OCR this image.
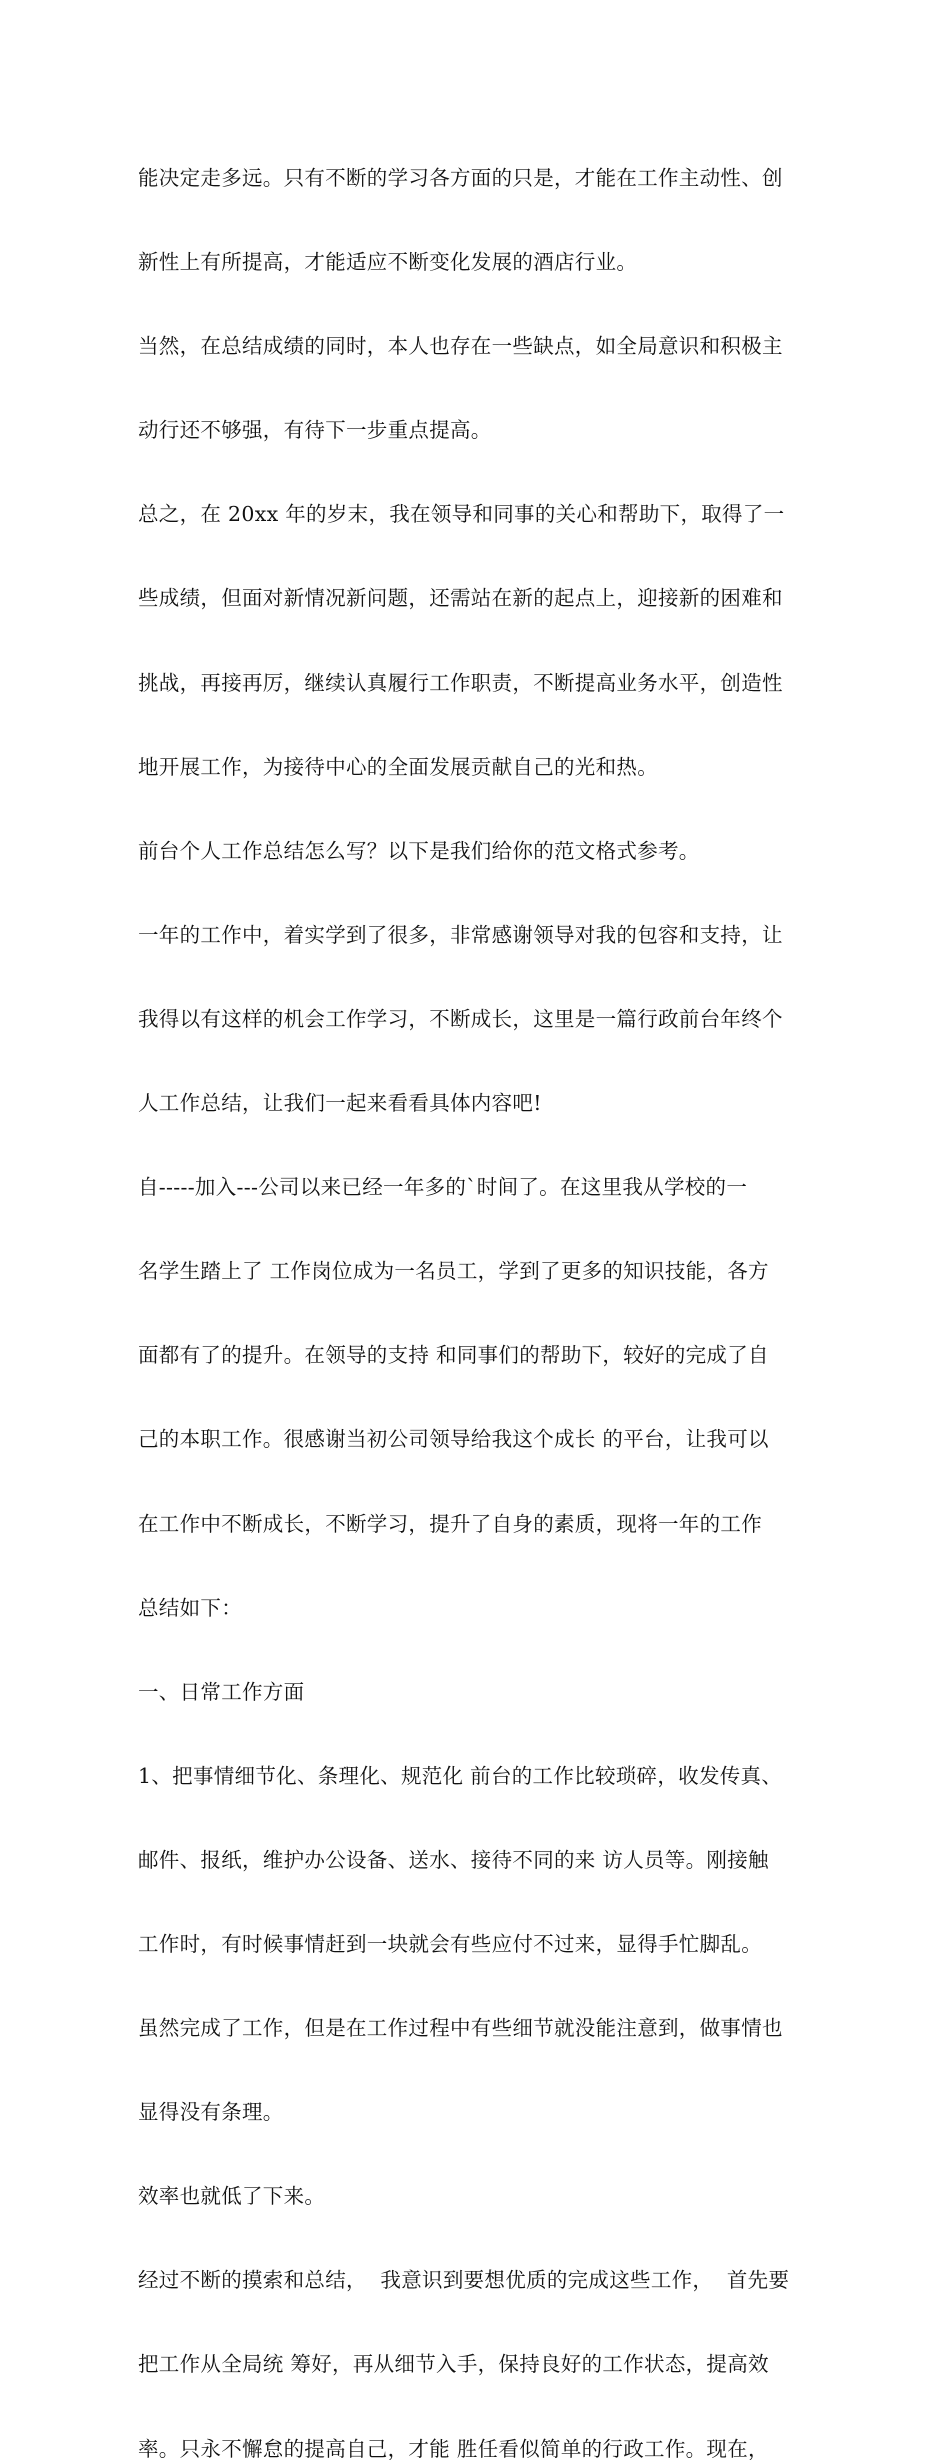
能决定走多远。只有不断的学习各方面的只是，才能在工作主动性、创

新性上有所提高，才能适应不断变化发展的酒店行业。

当然，在总结成绩的同时，本人也存在一些缺点，如全局意识和积极主

动行还不够强，有待下一步重点提高。

总之，在 20xx 年的岁末，我在领导和同事的关心和帮助下，取得了一

些成绩，但面对新情况新问题，还需站在新的起点上，迎接新的困难和

挑战，再接再厉，继续认真履行工作职责，不断提高业务水平，创造性

地开展工作，为接待中心的全面发展贡献自己的光和热。

前台个人工作总结怎么写？以下是我们给你的范文格式参考。

一年的工作中，着实学到了很多，非常感谢领导对我的包容和支持，让

我得以有这样的机会工作学习，不断成长，这里是一篇行政前台年终个

人工作总结，让我们一起来看看具体内容吧!

自-----加入---公司以来已经一年多的`时间了。在这里我从学校的一

名学生踏上了 工作岗位成为一名员工，学到了更多的知识技能，各方

面都有了的提升。在领导的支持 和同事们的帮助下，较好的完成了自

己的本职工作。很感谢当初公司领导给我这个成长 的平台，让我可以

在工作中不断成长，不断学习，提升了自身的素质，现将一年的工作

总结如下：

一、日常工作方面

1、把事情细节化、条理化、规范化 前台的工作比较琐碎，收发传真、

邮件、报纸，维护办公设备、送水、接待不同的来 访人员等。刚接触

工作时，有时候事情赶到一块就会有些应付不过来，显得手忙脚乱。

虽然完成了工作，但是在工作过程中有些细节就没能注意到，做事情也

显得没有条理。

效率也就低了下来。

经过不断的摸索和总结，  我意识到要想优质的完成这些工作，  首先要

把工作从全局统 筹好，再从细节入手，保持良好的工作状态，提高效

率。只永不懈怠的提高自己，才能 胜任看似简单的行政工作。现在，
